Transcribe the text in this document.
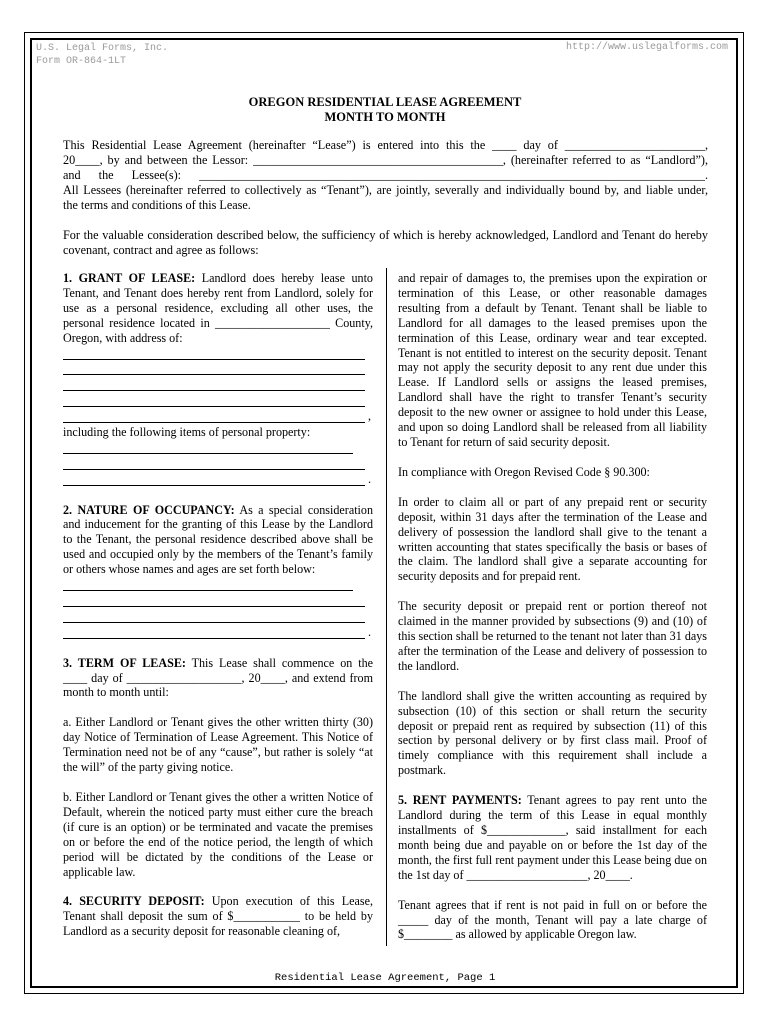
U.S. Legal Forms, Inc.
Form OR-864-1LT
http://www.uslegalforms.com
OREGON RESIDENTIAL LEASE AGREEMENT
MONTH TO MONTH
This Residential Lease Agreement (hereinafter “Lease”) is entered into this the ____ day of _______________________,
20____, by and between the Lessor: _________________________________________, (hereinafter referred to as “Landlord”),
and the Lessee(s): ___________________________________________________________________________________.
All Lessees (hereinafter referred to collectively as “Tenant”), are jointly, severally and individually bound by, and liable under,
the terms and conditions of this Lease.
For the valuable consideration described below, the sufficiency of which is hereby acknowledged, Landlord and Tenant do hereby covenant, contract and agree as follows:

1. GRANT OF LEASE: Landlord does hereby lease unto Tenant, and Tenant does hereby rent from Landlord, solely for use as a personal residence, excluding all other uses, the personal residence located in ___________________ County, Oregon, with address of:

,

including the following items of personal property:

.

2. NATURE OF OCCUPANCY: As a special consideration and inducement for the granting of this Lease by the Landlord to the Tenant, the personal residence described above shall be used and occupied only by the members of the Tenant’s family or others whose names and ages are set forth below:

.

3. TERM OF LEASE: This Lease shall commence on the ____ day of ___________________, 20____, and extend from month to month until:

a. Either Landlord or Tenant gives the other written thirty (30) day Notice of Termination of Lease Agreement. This Notice of Termination need not be of any “cause”, but rather is solely “at the will” of the party giving notice.

b. Either Landlord or Tenant gives the other a written Notice of Default, wherein the noticed party must either cure the breach (if cure is an option) or be terminated and vacate the premises on or before the end of the notice period, the length of which period will be dictated by the conditions of the Lease or applicable law.

4. SECURITY DEPOSIT: Upon execution of this Lease, Tenant shall deposit the sum of $___________ to be held by Landlord as a security deposit for reasonable cleaning of,

and repair of damages to, the premises upon the expiration or termination of this Lease, or other reasonable damages resulting from a default by Tenant. Tenant shall be liable to Landlord for all damages to the leased premises upon the termination of this Lease, ordinary wear and tear excepted. Tenant is not entitled to interest on the security deposit. Tenant may not apply the security deposit to any rent due under this Lease. If Landlord sells or assigns the leased premises, Landlord shall have the right to transfer Tenant’s security deposit to the new owner or assignee to hold under this Lease, and upon so doing Landlord shall be released from all liability to Tenant for return of said security deposit.

In compliance with Oregon Revised Code § 90.300:

In order to claim all or part of any prepaid rent or security deposit, within 31 days after the termination of the Lease and delivery of possession the landlord shall give to the tenant a written accounting that states specifically the basis or bases of the claim. The landlord shall give a separate accounting for security deposits and for prepaid rent.

The security deposit or prepaid rent or portion thereof not claimed in the manner provided by subsections (9) and (10) of this section shall be returned to the tenant not later than 31 days after the termination of the Lease and delivery of possession to the landlord.

The landlord shall give the written accounting as required by subsection (10) of this section or shall return the security deposit or prepaid rent as required by subsection (11) of this section by personal delivery or by first class mail. Proof of timely compliance with this requirement shall include a postmark.

5. RENT PAYMENTS: Tenant agrees to pay rent unto the Landlord during the term of this Lease in equal monthly installments of $_____________, said installment for each month being due and payable on or before the 1st day of the month, the first full rent payment under this Lease being due on the 1st day of ____________________, 20____.

Tenant agrees that if rent is not paid in full on or before the _____ day of the month, Tenant will pay a late charge of $________ as allowed by applicable Oregon law.

Residential Lease Agreement, Page 1
